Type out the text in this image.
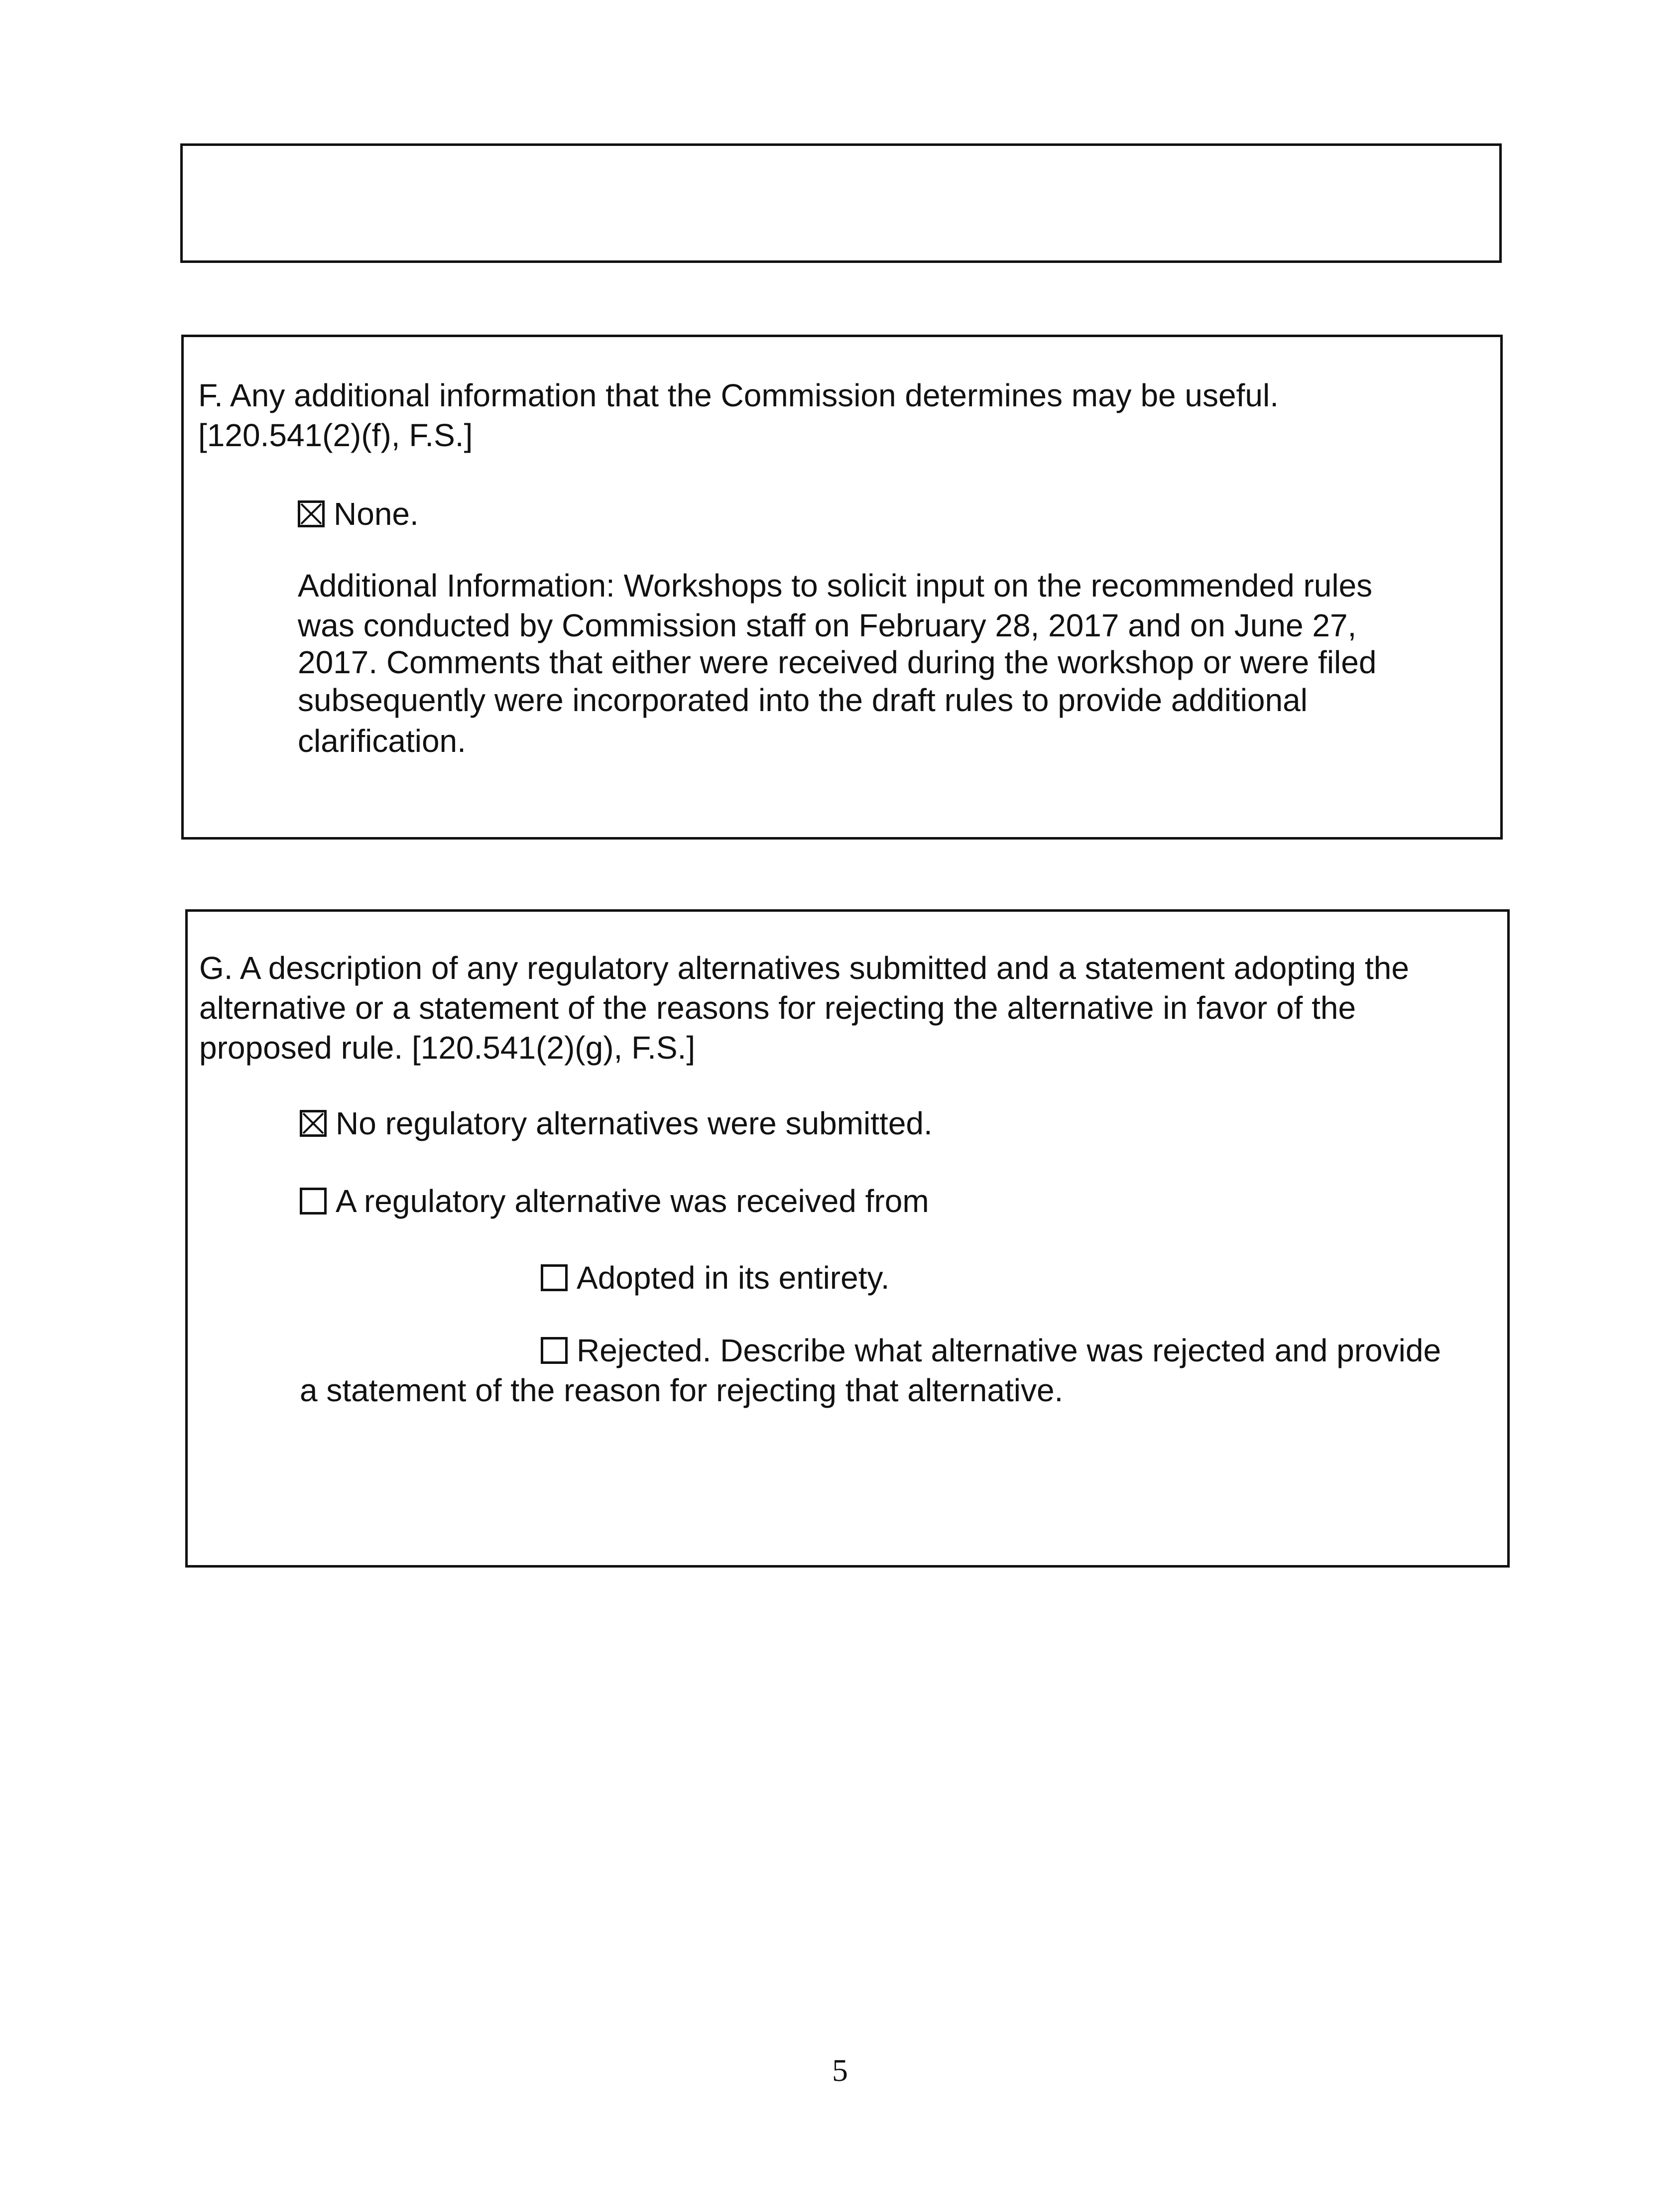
F. Any additional information that the Commission determines may be useful.

[120.541(2)(f), F.S.]

None.

Additional Information: Workshops to solicit input on the recommended rules

was conducted by Commission staff on February 28, 2017 and on June 27,

2017. Comments that either were received during the workshop or were filed

subsequently were incorporated into the draft rules to provide additional

clarification.

G. A description of any regulatory alternatives submitted and a statement adopting the

alternative or a statement of the reasons for rejecting the alternative in favor of the

proposed rule. [120.541(2)(g), F.S.]

No regulatory alternatives were submitted.
A regulatory alternative was received from
Adopted in its entirety.
Rejected. Describe what alternative was rejected and provide

a statement of the reason for rejecting that alternative.

5
